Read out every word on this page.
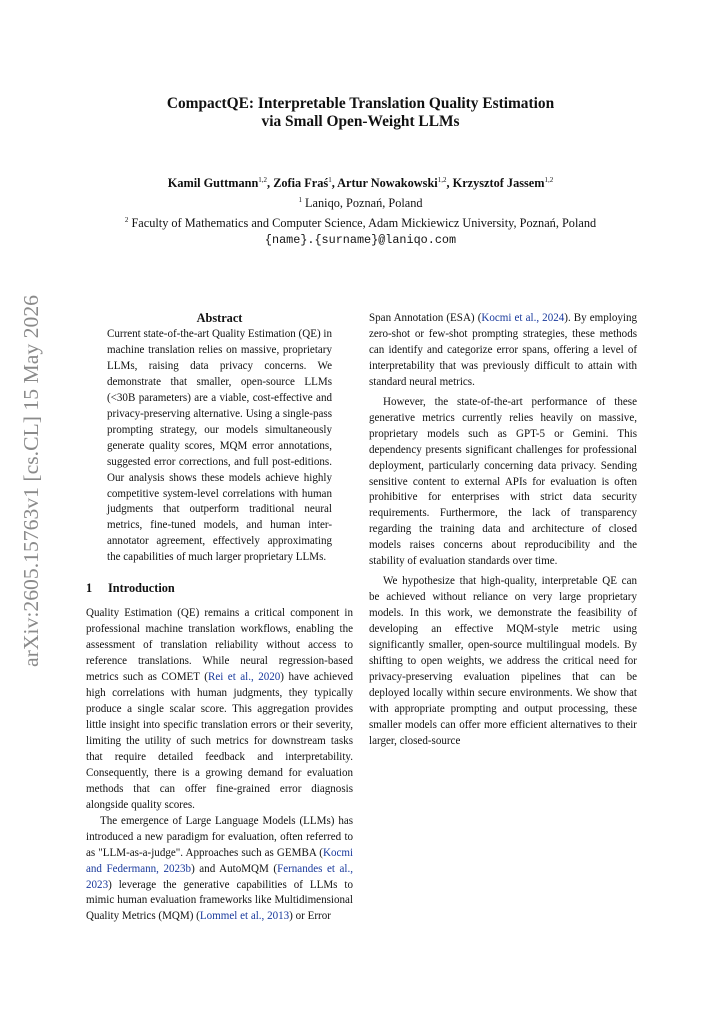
arXiv:2605.15763v1 [cs.CL] 15 May 2026
CompactQE: Interpretable Translation Quality Estimation
via Small Open-Weight LLMs
Kamil Guttmann$^{1,2}$, Zofia Fraś$^1$, Artur Nowakowski$^{1,2}$, Krzysztof Jassem$^{1,2}$
$^1$ Laniqo, Poznań, Poland
$^2$ Faculty of Mathematics and Computer Science, Adam Mickiewicz University, Poznań, Poland
{name}.{surname}@laniqo.com

Abstract

Current state-of-the-art Quality Estimation (QE) in machine translation relies on massive, proprietary LLMs, raising data privacy concerns. We demonstrate that smaller, open-source LLMs (<30B parameters) are a viable, cost-effective and privacy-preserving alternative. Using a single-pass prompting strategy, our models simultaneously generate quality scores, MQM error annotations, suggested error corrections, and full post-editions. Our analysis shows these models achieve highly competitive system-level correlations with human judgments that outperform traditional neural metrics, fine-tuned models, and human inter-annotator agreement, effectively approximating the capabilities of much larger proprietary LLMs.

1 Introduction

Quality Estimation (QE) remains a critical component in professional machine translation workflows, enabling the assessment of translation reliability without access to reference translations. While neural regression-based metrics such as COMET (Rei et al., 2020) have achieved high correlations with human judgments, they typically produce a single scalar score. This aggregation provides little insight into specific translation errors or their severity, limiting the utility of such metrics for downstream tasks that require detailed feedback and interpretability. Consequently, there is a growing demand for evaluation methods that can offer fine-grained error diagnosis alongside quality scores.

The emergence of Large Language Models (LLMs) has introduced a new paradigm for evaluation, often referred to as "LLM-as-a-judge". Approaches such as GEMBA (Kocmi and Federmann, 2023b) and AutoMQM (Fernandes et al., 2023) leverage the generative capabilities of LLMs to mimic human evaluation frameworks like Multidimensional Quality Metrics (MQM) (Lommel et al., 2013) or Error

Span Annotation (ESA) (Kocmi et al., 2024). By employing zero-shot or few-shot prompting strategies, these methods can identify and categorize error spans, offering a level of interpretability that was previously difficult to attain with standard neural metrics.

However, the state-of-the-art performance of these generative metrics currently relies heavily on massive, proprietary models such as GPT-5 or Gemini. This dependency presents significant challenges for professional deployment, particularly concerning data privacy. Sending sensitive content to external APIs for evaluation is often prohibitive for enterprises with strict data security requirements. Furthermore, the lack of transparency regarding the training data and architecture of closed models raises concerns about reproducibility and the stability of evaluation standards over time.

We hypothesize that high-quality, interpretable QE can be achieved without reliance on very large proprietary models. In this work, we demonstrate the feasibility of developing an effective MQM-style metric using significantly smaller, open-source multilingual models. By shifting to open weights, we address the critical need for privacy-preserving evaluation pipelines that can be deployed locally within secure environments. We show that with appropriate prompting and output processing, these smaller models can offer more efficient alternatives to their larger, closed-source
